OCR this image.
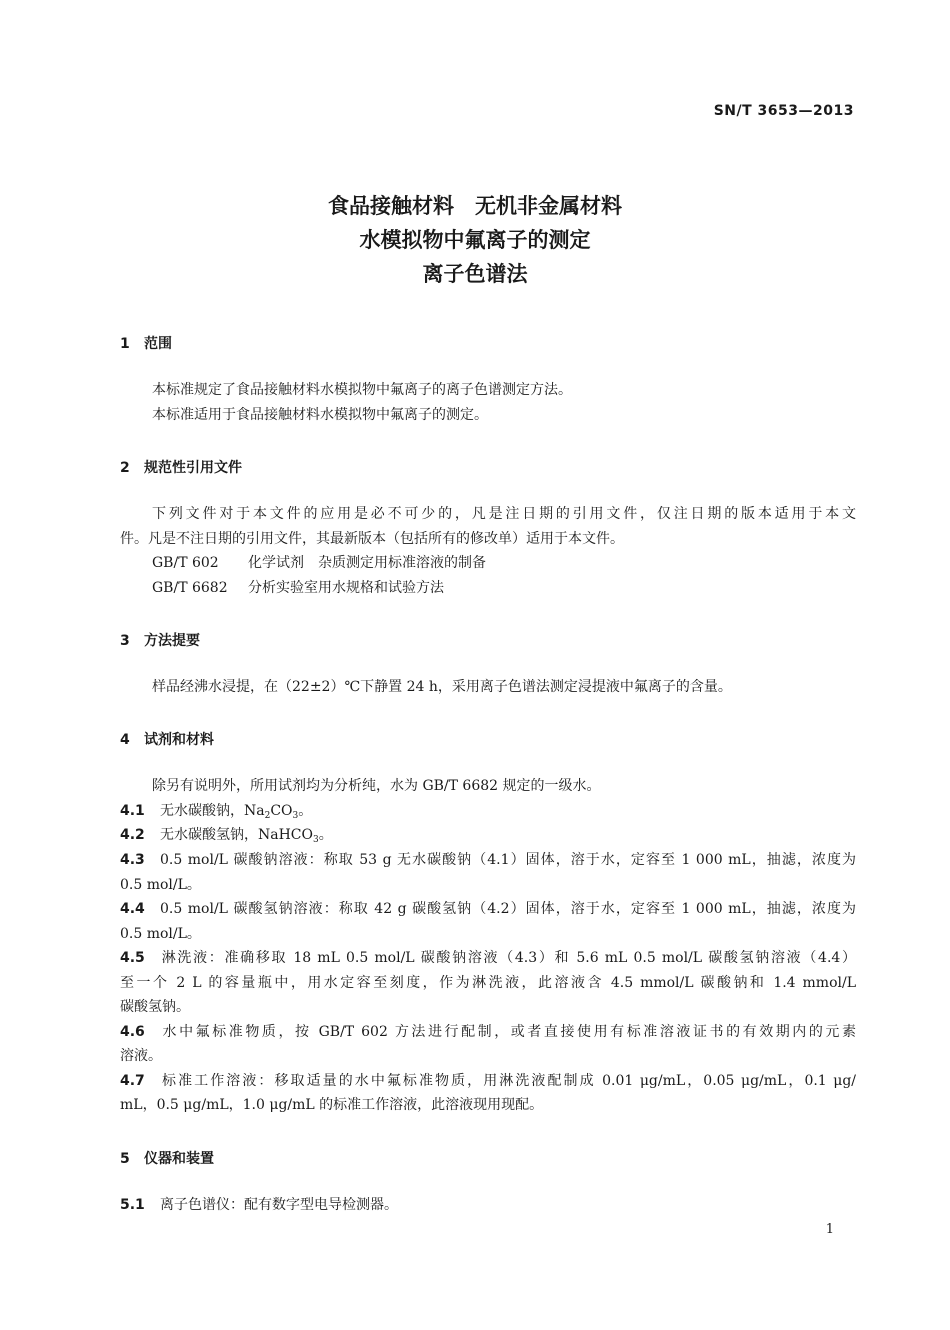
SN/T 3653—2013
食品接触材料　无机非金属材料
水模拟物中氟离子的测定
离子色谱法
1 范围
本标准规定了食品接触材料水模拟物中氟离子的离子色谱测定方法。
本标准适用于食品接触材料水模拟物中氟离子的测定。
2 规范性引用文件
下列文件对于本文件的应用是必不可少的，凡是注日期的引用文件，仅注日期的版本适用于本文
件。凡是不注日期的引用文件，其最新版本（包括所有的修改单）适用于本文件。
GB/T 602 化学试剂　杂质测定用标准溶液的制备
GB/T 6682 分析实验室用水规格和试验方法
3 方法提要
样品经沸水浸提，在（22±2）℃下静置 24 h，采用离子色谱法测定浸提液中氟离子的含量。
4 试剂和材料
除另有说明外，所用试剂均为分析纯，水为 GB/T 6682 规定的一级水。
4.1 无水碳酸钠，$Na_2CO_3$。
4.2 无水碳酸氢钠，NaHCO$_3$。
4.3 0.5 mol/L 碳酸钠溶液：称取 53 g 无水碳酸钠（4.1）固体，溶于水，定容至 1 000 mL，抽滤，浓度为
0.5 mol/L。
4.4 0.5 mol/L 碳酸氢钠溶液：称取 42 g 碳酸氢钠（4.2）固体，溶于水，定容至 1 000 mL，抽滤，浓度为
0.5 mol/L。
4.5 淋洗液：准确移取 18 mL 0.5 mol/L 碳酸钠溶液（4.3）和 5.6 mL 0.5 mol/L 碳酸氢钠溶液（4.4）
至一个 2 L 的容量瓶中，用水定容至刻度，作为淋洗液，此溶液含 4.5 mmol/L 碳酸钠和 1.4 mmol/L
碳酸氢钠。
4.6 水中氟标准物质，按 GB/T 602 方法进行配制，或者直接使用有标准溶液证书的有效期内的元素
溶液。
4.7 标准工作溶液：移取适量的水中氟标准物质，用淋洗液配制成 0.01 μg/mL，0.05 μg/mL，0.1 μg/
mL，0.5 μg/mL，1.0 μg/mL 的标准工作溶液，此溶液现用现配。
5 仪器和装置
5.1 离子色谱仪：配有数字型电导检测器。
1
